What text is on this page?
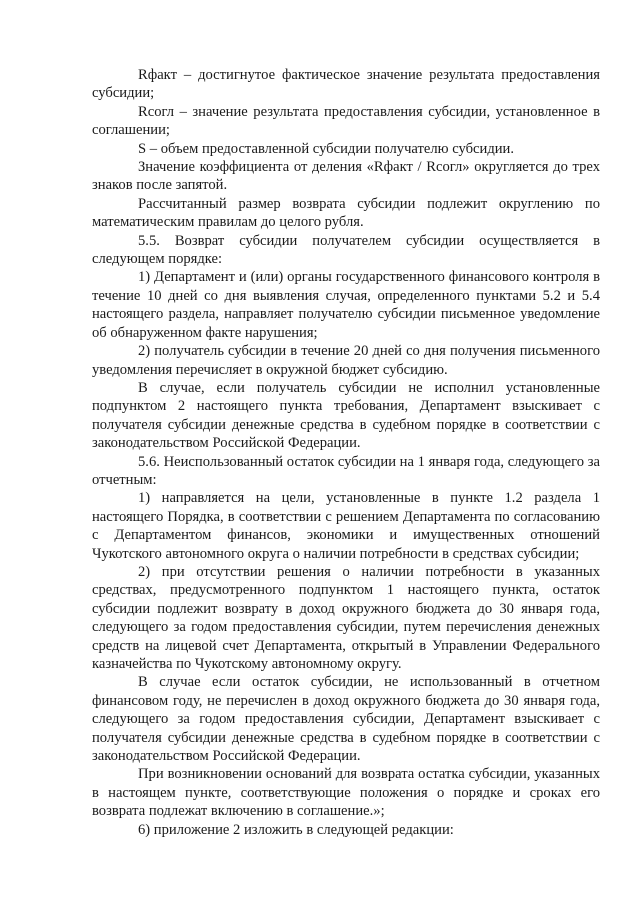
Rфакт – достигнутое фактическое значение результата предоставления субсидии;

Rсогл – значение результата предоставления субсидии, установленное в соглашении;

S – объем предоставленной субсидии получателю субсидии.

Значение коэффициента от деления «Rфакт / Rсогл» округляется до трех знаков после запятой.

Рассчитанный размер возврата субсидии подлежит округлению по математическим правилам до целого рубля.

5.5. Возврат субсидии получателем субсидии осуществляется в следующем порядке:

1) Департамент и (или) органы государственного финансового контроля в течение 10 дней со дня выявления случая, определенного пунктами 5.2 и 5.4 настоящего раздела, направляет получателю субсидии письменное уведомление об обнаруженном факте нарушения;

2) получатель субсидии в течение 20 дней со дня получения письменного уведомления перечисляет в окружной бюджет субсидию.

В случае, если получатель субсидии не исполнил установленные подпунктом 2 настоящего пункта требования, Департамент взыскивает с получателя субсидии денежные средства в судебном порядке в соответствии с законодательством Российской Федерации.

5.6. Неиспользованный остаток субсидии на 1 января года, следующего за отчетным:

1) направляется на цели, установленные в пункте 1.2 раздела 1 настоящего Порядка, в соответствии с решением Департамента по согласованию с Департаментом финансов, экономики и имущественных отношений Чукотского автономного округа о наличии потребности в средствах субсидии;

2) при отсутствии решения о наличии потребности в указанных средствах, предусмотренного подпунктом 1 настоящего пункта, остаток субсидии подлежит возврату в доход окружного бюджета до 30 января года, следующего за годом предоставления субсидии, путем перечисления денежных средств на лицевой счет Департамента, открытый в Управлении Федерального казначейства по Чукотскому автономному округу.

В случае если остаток субсидии, не использованный в отчетном финансовом году, не перечислен в доход окружного бюджета до 30 января года, следующего за годом предоставления субсидии, Департамент взыскивает с получателя субсидии денежные средства в судебном порядке в соответствии с законодательством Российской Федерации.

При возникновении оснований для возврата остатка субсидии, указанных в настоящем пункте, соответствующие положения о порядке и сроках его возврата подлежат включению в соглашение.»;

6) приложение 2 изложить в следующей редакции:
